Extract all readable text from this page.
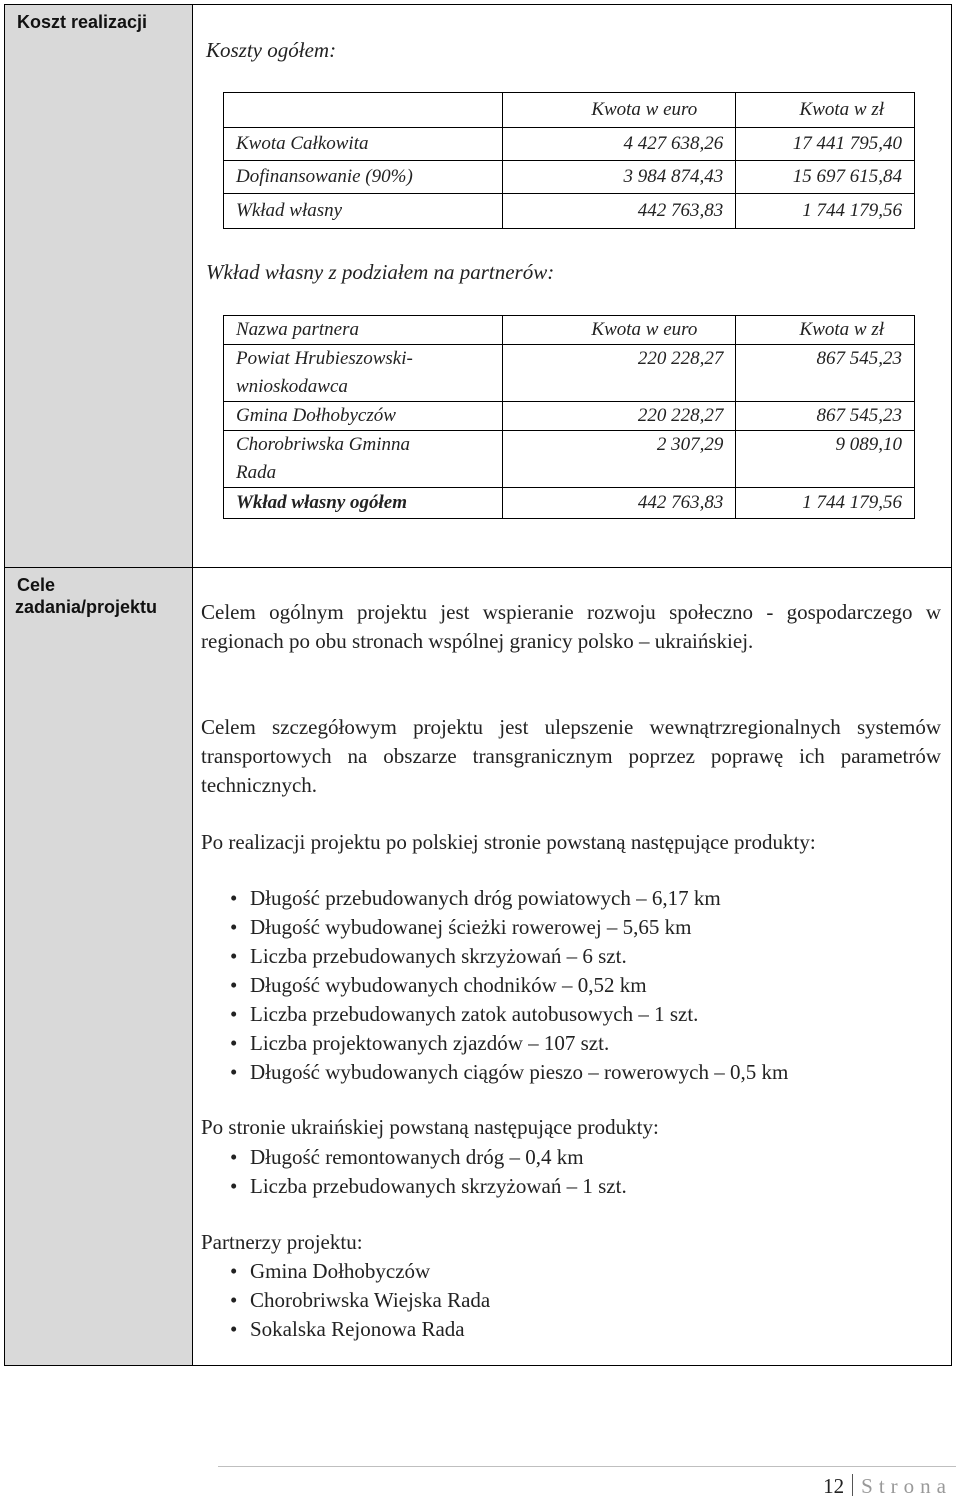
Koszt realizacji
Koszty ogółem:
	Kwota w euro	Kwota w zł
Kwota Całkowita	4 427 638,26	17 441 795,40
Dofinansowanie (90%)	3 984 874,43	15 697 615,84
Wkład własny	442 763,83	1 744 179,56
Wkład własny z podziałem na partnerów:
Nazwa partnera	Kwota w euro	Kwota w zł

Powiat Hrubieszowski-wnioskodawca	220 228,27	867 545,23
Gmina Dołhobyczów	220 228,27	867 545,23

Chorobriwska Gminna Rada	2 307,29	9 089,10
Wkład własny ogółem	442 763,83	1 744 179,56
Cele
zadania/projektu Celem ogólnym projektu jest wspieranie rozwoju społeczno - gospodarczego w regionach po obu stronach wspólnej granicy polsko – ukraińskiej.
Celem szczegółowym projektu jest ulepszenie wewnątrzregionalnych systemów transportowych na obszarze transgranicznym poprzez poprawę ich parametrów technicznych.
Po realizacji projektu po polskiej stronie powstaną następujące produkty:
• Długość przebudowanych dróg powiatowych – 6,17 km
• Długość wybudowanej ścieżki rowerowej – 5,65 km
• Liczba przebudowanych skrzyżowań – 6 szt.
• Długość wybudowanych chodników – 0,52 km
• Liczba przebudowanych zatok autobusowych – 1 szt.
• Liczba projektowanych zjazdów – 107 szt.
• Długość wybudowanych ciągów pieszo – rowerowych – 0,5 km
Po stronie ukraińskiej powstaną następujące produkty:
• Długość remontowanych dróg – 0,4 km
• Liczba przebudowanych skrzyżowań – 1 szt.
Partnerzy projektu:
• Gmina Dołhobyczów
• Chorobriwska Wiejska Rada
• Sokalska Rejonowa Rada
12 Strona
